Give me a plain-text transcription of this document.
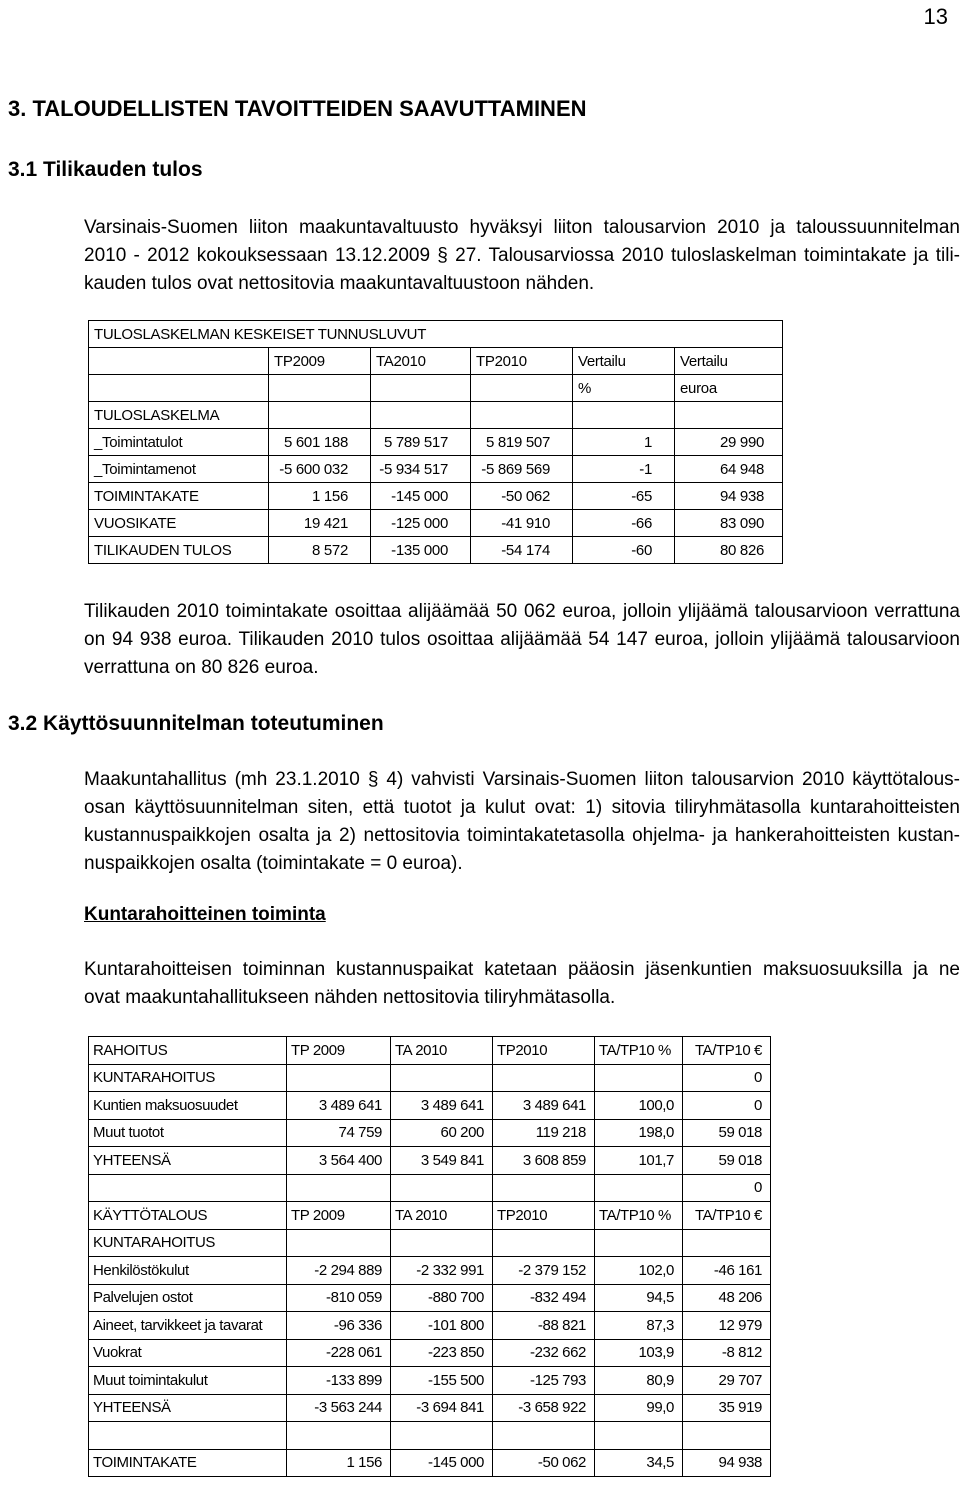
13
3. TALOUDELLISTEN TAVOITTEIDEN SAAVUTTAMINEN
3.1 Tilikauden tulos
Varsinais-Suomen liiton maakuntavaltuusto hyväksyi liiton talousarvion 2010 ja taloussuunnitelman
2010 - 2012 kokouksessaan 13.12.2009 § 27. Talousarviossa 2010 tuloslaskelman toimintakate ja tili-
kauden tulos ovat nettositovia maakuntavaltuustoon nähden.
TULOSLASKELMAN KESKEISET TUNNUSLUVUT					
	TP2009	TA2010	TP2010	Vertailu	Vertailu
				%	euroa
TULOSLASKELMA					
_Toimintatulot	5 601 188	5 789 517	5 819 507	1	29 990
_Toimintamenot	-5 600 032	-5 934 517	-5 869 569	-1	64 948
TOIMINTAKATE	1 156	-145 000	-50 062	-65	94 938
VUOSIKATE	19 421	-125 000	-41 910	-66	83 090
TILIKAUDEN TULOS	8 572	-135 000	-54 174	-60	80 826
Tilikauden 2010 toimintakate osoittaa alijäämää 50 062 euroa, jolloin ylijäämä talousarvioon verrattuna
on 94 938 euroa. Tilikauden 2010 tulos osoittaa alijäämää 54 147 euroa, jolloin ylijäämä talousarvioon
verrattuna on 80 826 euroa.
3.2 Käyttösuunnitelman toteutuminen
Maakuntahallitus (mh 23.1.2010 § 4) vahvisti Varsinais-Suomen liiton talousarvion 2010 käyttötalous-
osan käyttösuunnitelman siten, että tuotot ja kulut ovat: 1) sitovia tiliryhmätasolla kuntarahoitteisten
kustannuspaikkojen osalta ja 2) nettositovia toimintakatetasolla ohjelma- ja hankerahoitteisten kustan-
nuspaikkojen osalta (toimintakate = 0 euroa).
Kuntarahoitteinen toiminta
Kuntarahoitteisen toiminnan kustannuspaikat katetaan pääosin jäsenkuntien maksuosuuksilla ja ne
ovat maakuntahallitukseen nähden nettositovia tiliryhmätasolla.
RAHOITUS	TP 2009	TA 2010	TP2010	TA/TP10 %	TA/TP10 €
KUNTARAHOITUS					0
Kuntien maksuosuudet	3 489 641	3 489 641	3 489 641	100,0	0
Muut tuotot	74 759	60 200	119 218	198,0	59 018
YHTEENSÄ	3 564 400	3 549 841	3 608 859	101,7	59 018
					0
KÄYTTÖTALOUS	TP 2009	TA 2010	TP2010	TA/TP10 %	TA/TP10 €
KUNTARAHOITUS					
Henkilöstökulut	-2 294 889	-2 332 991	-2 379 152	102,0	-46 161
Palvelujen ostot	-810 059	-880 700	-832 494	94,5	48 206
Aineet, tarvikkeet ja tavarat	-96 336	-101 800	-88 821	87,3	12 979
Vuokrat	-228 061	-223 850	-232 662	103,9	-8 812
Muut toimintakulut	-133 899	-155 500	-125 793	80,9	29 707
YHTEENSÄ	-3 563 244	-3 694 841	-3 658 922	99,0	35 919

TOIMINTAKATE	1 156	-145 000	-50 062	34,5	94 938
